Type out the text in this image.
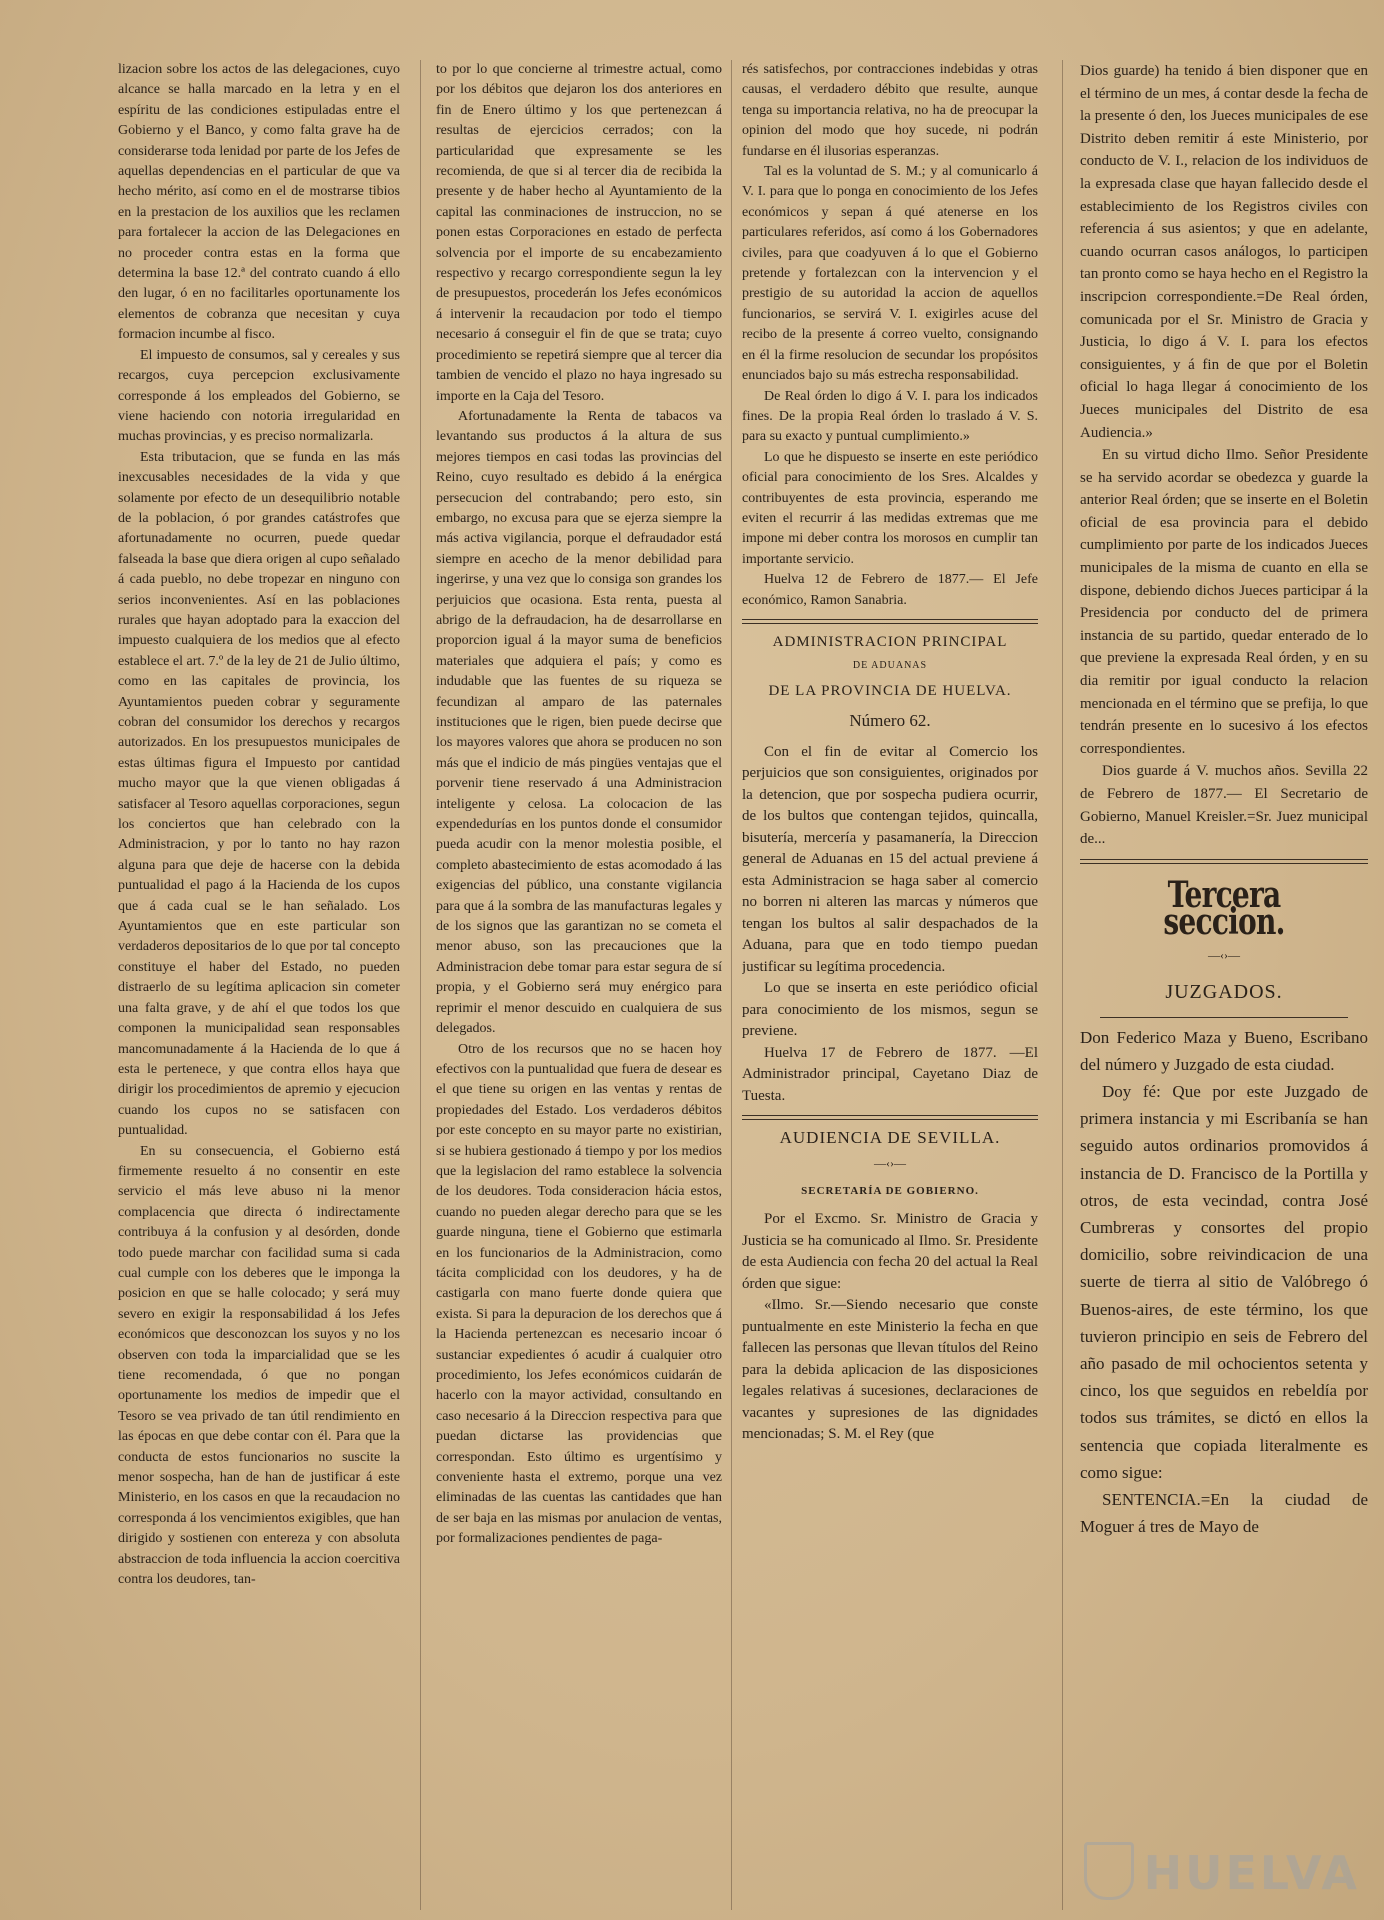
lizacion sobre los actos de las delegaciones, cuyo alcance se halla marcado en la letra y en el espíritu de las condiciones estipuladas entre el Gobierno y el Banco, y como falta grave ha de considerarse toda lenidad por parte de los Jefes de aquellas dependencias en el particular de que va hecho mérito, así como en el de mostrarse tibios en la prestacion de los auxilios que les reclamen para fortalecer la accion de las Delegaciones en no proceder contra estas en la forma que determina la base 12.ª del contrato cuando á ello den lugar, ó en no facilitarles oportunamente los elementos de cobranza que necesitan y cuya formacion incumbe al fisco.

El impuesto de consumos, sal y cereales y sus recargos, cuya percepcion exclusivamente corresponde á los empleados del Gobierno, se viene haciendo con notoria irregularidad en muchas provincias, y es preciso normalizarla.

Esta tributacion, que se funda en las más inexcusables necesidades de la vida y que solamente por efecto de un desequilibrio notable de la poblacion, ó por grandes catástrofes que afortunadamente no ocurren, puede quedar falseada la base que diera origen al cupo señalado á cada pueblo, no debe tropezar en ninguno con serios inconvenientes. Así en las poblaciones rurales que hayan adoptado para la exaccion del impuesto cualquiera de los medios que al efecto establece el art. 7.º de la ley de 21 de Julio último, como en las capitales de provincia, los Ayuntamientos pueden cobrar y seguramente cobran del consumidor los derechos y recargos autorizados. En los presupuestos municipales de estas últimas figura el Impuesto por cantidad mucho mayor que la que vienen obligadas á satisfacer al Tesoro aquellas corporaciones, segun los conciertos que han celebrado con la Administracion, y por lo tanto no hay razon alguna para que deje de hacerse con la debida puntualidad el pago á la Hacienda de los cupos que á cada cual se le han señalado. Los Ayuntamientos que en este particular son verdaderos depositarios de lo que por tal concepto constituye el haber del Estado, no pueden distraerlo de su legítima aplicacion sin cometer una falta grave, y de ahí el que todos los que componen la municipalidad sean responsables mancomunadamente á la Hacienda de lo que á esta le pertenece, y que contra ellos haya que dirigir los procedimientos de apremio y ejecucion cuando los cupos no se satisfacen con puntualidad.

En su consecuencia, el Gobierno está firmemente resuelto á no consentir en este servicio el más leve abuso ni la menor complacencia que directa ó indirectamente contribuya á la confusion y al desórden, donde todo puede marchar con facilidad suma si cada cual cumple con los deberes que le imponga la posicion en que se halle colocado; y será muy severo en exigir la responsabilidad á los Jefes económicos que desconozcan los suyos y no los observen con toda la imparcialidad que se les tiene recomendada, ó que no pongan oportunamente los medios de impedir que el Tesoro se vea privado de tan útil rendimiento en las épocas en que debe contar con él. Para que la conducta de estos funcionarios no suscite la menor sospecha, han de han de justificar á este Ministerio, en los casos en que la recaudacion no corresponda á los vencimientos exigibles, que han dirigido y sostienen con entereza y con absoluta abstraccion de toda influencia la accion coercitiva contra los deudores, tan-

to por lo que concierne al trimestre actual, como por los débitos que dejaron los dos anteriores en fin de Enero último y los que pertenezcan á resultas de ejercicios cerrados; con la particularidad que expresamente se les recomienda, de que si al tercer dia de recibida la presente y de haber hecho al Ayuntamiento de la capital las conminaciones de instruccion, no se ponen estas Corporaciones en estado de perfecta solvencia por el importe de su encabezamiento respectivo y recargo correspondiente segun la ley de presupuestos, procederán los Jefes económicos á intervenir la recaudacion por todo el tiempo necesario á conseguir el fin de que se trata; cuyo procedimiento se repetirá siempre que al tercer dia tambien de vencido el plazo no haya ingresado su importe en la Caja del Tesoro.

Afortunadamente la Renta de tabacos va levantando sus productos á la altura de sus mejores tiempos en casi todas las provincias del Reino, cuyo resultado es debido á la enérgica persecucion del contrabando; pero esto, sin embargo, no excusa para que se ejerza siempre la más activa vigilancia, porque el defraudador está siempre en acecho de la menor debilidad para ingerirse, y una vez que lo consiga son grandes los perjuicios que ocasiona. Esta renta, puesta al abrigo de la defraudacion, ha de desarrollarse en proporcion igual á la mayor suma de beneficios materiales que adquiera el país; y como es indudable que las fuentes de su riqueza se fecundizan al amparo de las paternales instituciones que le rigen, bien puede decirse que los mayores valores que ahora se producen no son más que el indicio de más pingües ventajas que el porvenir tiene reservado á una Administracion inteligente y celosa. La colocacion de las expendedurías en los puntos donde el consumidor pueda acudir con la menor molestia posible, el completo abastecimiento de estas acomodado á las exigencias del público, una constante vigilancia para que á la sombra de las manufacturas legales y de los signos que las garantizan no se cometa el menor abuso, son las precauciones que la Administracion debe tomar para estar segura de sí propia, y el Gobierno será muy enérgico para reprimir el menor descuido en cualquiera de sus delegados.

Otro de los recursos que no se hacen hoy efectivos con la puntualidad que fuera de desear es el que tiene su origen en las ventas y rentas de propiedades del Estado. Los verdaderos débitos por este concepto en su mayor parte no existirian, si se hubiera gestionado á tiempo y por los medios que la legislacion del ramo establece la solvencia de los deudores. Toda consideracion hácia estos, cuando no pueden alegar derecho para que se les guarde ninguna, tiene el Gobierno que estimarla en los funcionarios de la Administracion, como tácita complicidad con los deudores, y ha de castigarla con mano fuerte donde quiera que exista. Si para la depuracion de los derechos que á la Hacienda pertenezcan es necesario incoar ó sustanciar expedientes ó acudir á cualquier otro procedimiento, los Jefes económicos cuidarán de hacerlo con la mayor actividad, consultando en caso necesario á la Direccion respectiva para que puedan dictarse las providencias que correspondan. Esto último es urgentísimo y conveniente hasta el extremo, porque una vez eliminadas de las cuentas las cantidades que han de ser baja en las mismas por anulacion de ventas, por formalizaciones pendientes de paga-

rés satisfechos, por contracciones indebidas y otras causas, el verdadero débito que resulte, aunque tenga su importancia relativa, no ha de preocupar la opinion del modo que hoy sucede, ni podrán fundarse en él ilusorias esperanzas.

Tal es la voluntad de S. M.; y al comunicarlo á V. I. para que lo ponga en conocimiento de los Jefes económicos y sepan á qué atenerse en los particulares referidos, así como á los Gobernadores civiles, para que coadyuven á lo que el Gobierno pretende y fortalezcan con la intervencion y el prestigio de su autoridad la accion de aquellos funcionarios, se servirá V. I. exigirles acuse del recibo de la presente á correo vuelto, consignando en él la firme resolucion de secundar los propósitos enunciados bajo su más estrecha responsabilidad.

De Real órden lo digo á V. I. para los indicados fines. De la propia Real órden lo traslado á V. S. para su exacto y puntual cumplimiento.»

Lo que he dispuesto se inserte en este periódico oficial para conocimiento de los Sres. Alcaldes y contribuyentes de esta provincia, esperando me eviten el recurrir á las medidas extremas que me impone mi deber contra los morosos en cumplir tan importante servicio.

Huelva 12 de Febrero de 1877.— El Jefe económico, Ramon Sanabria.

ADMINISTRACION PRINCIPAL
DE ADUANAS
DE LA PROVINCIA DE HUELVA.
Número 62.

Con el fin de evitar al Comercio los perjuicios que son consiguientes, originados por la detencion, que por sospecha pudiera ocurrir, de los bultos que contengan tejidos, quincalla, bisutería, mercería y pasamanería, la Direccion general de Aduanas en 15 del actual previene á esta Administracion se haga saber al comercio no borren ni alteren las marcas y números que tengan los bultos al salir despachados de la Aduana, para que en todo tiempo puedan justificar su legítima procedencia.

Lo que se inserta en este periódico oficial para conocimiento de los mismos, segun se previene.

Huelva 17 de Febrero de 1877. —El Administrador principal, Cayetano Diaz de Tuesta.

AUDIENCIA DE SEVILLA.
—‹›—
SECRETARÍA DE GOBIERNO.

Por el Excmo. Sr. Ministro de Gracia y Justicia se ha comunicado al Ilmo. Sr. Presidente de esta Audiencia con fecha 20 del actual la Real órden que sigue:

«Ilmo. Sr.—Siendo necesario que conste puntualmente en este Ministerio la fecha en que fallecen las personas que llevan títulos del Reino para la debida aplicacion de las disposiciones legales relativas á sucesiones, declaraciones de vacantes y supresiones de las dignidades mencionadas; S. M. el Rey (que

Dios guarde) ha tenido á bien disponer que en el término de un mes, á contar desde la fecha de la presente ó den, los Jueces municipales de ese Distrito deben remitir á este Ministerio, por conducto de V. I., relacion de los individuos de la expresada clase que hayan fallecido desde el establecimiento de los Registros civiles con referencia á sus asientos; y que en adelante, cuando ocurran casos análogos, lo participen tan pronto como se haya hecho en el Registro la inscripcion correspondiente.=De Real órden, comunicada por el Sr. Ministro de Gracia y Justicia, lo digo á V. I. para los efectos consiguientes, y á fin de que por el Boletin oficial lo haga llegar á conocimiento de los Jueces municipales del Distrito de esa Audiencia.»

En su virtud dicho Ilmo. Señor Presidente se ha servido acordar se obedezca y guarde la anterior Real órden; que se inserte en el Boletin oficial de esa provincia para el debido cumplimiento por parte de los indicados Jueces municipales de la misma de cuanto en ella se dispone, debiendo dichos Jueces participar á la Presidencia por conducto del de primera instancia de su partido, quedar enterado de lo que previene la expresada Real órden, y en su dia remitir por igual conducto la relacion mencionada en el término que se prefija, lo que tendrán presente en lo sucesivo á los efectos correspondientes.

Dios guarde á V. muchos años. Sevilla 22 de Febrero de 1877.— El Secretario de Gobierno, Manuel Kreisler.=Sr. Juez municipal de...

Tercera seccion.
—‹›—
JUZGADOS.

Don Federico Maza y Bueno, Escribano del número y Juzgado de esta ciudad.

Doy fé: Que por este Juzgado de primera instancia y mi Escribanía se han seguido autos ordinarios promovidos á instancia de D. Francisco de la Portilla y otros, de esta vecindad, contra José Cumbreras y consortes del propio domicilio, sobre reivindicacion de una suerte de tierra al sitio de Valóbrego ó Buenos-aires, de este término, los que tuvieron principio en seis de Febrero del año pasado de mil ochocientos setenta y cinco, los que seguidos en rebeldía por todos sus trámites, se dictó en ellos la sentencia que copiada literalmente es como sigue:

SENTENCIA.=En la ciudad de Moguer á tres de Mayo de

HUELVA
